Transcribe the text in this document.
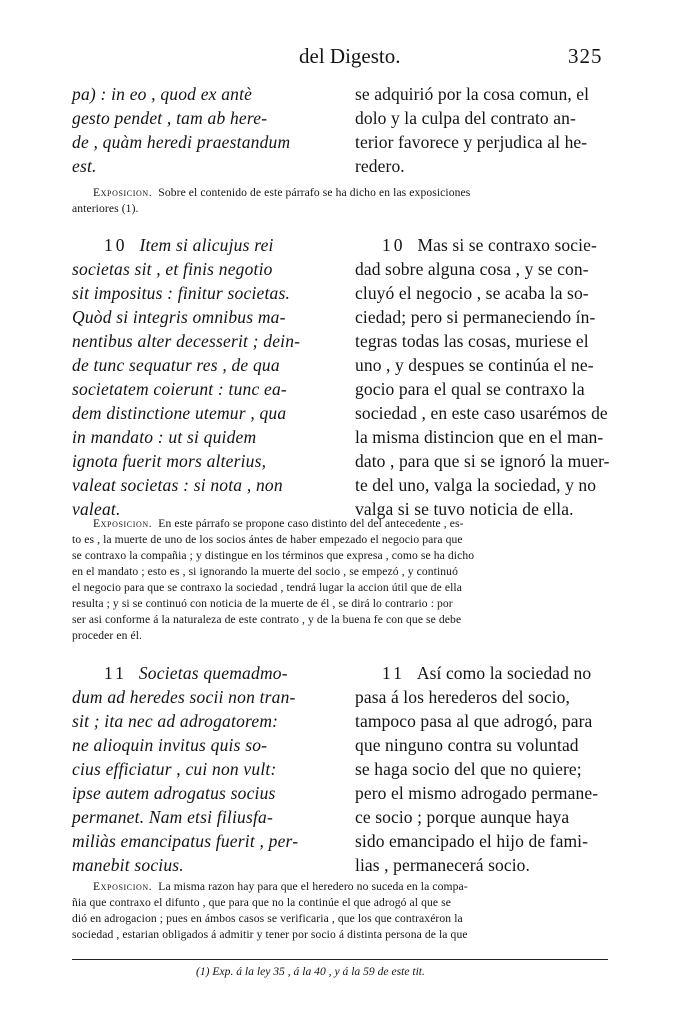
del Digesto.	325
pa) : in eo , quod ex antè
gesto pendet , tam ab here-
de , quàm heredi praestandum
est.
se adquirió por la cosa comun, el
dolo y la culpa del contrato an-
terior favorece y perjudica al he-
redero.
Exposicion. Sobre el contenido de este párrafo se ha dicho en las exposiciones
anteriores (1).
10 Item si alicujus rei
societas sit , et finis negotio
sit impositus : finitur societas.
Quòd si integris omnibus ma-
nentibus alter decesserit ; dein-
de tunc sequatur res , de qua
societatem coierunt : tunc ea-
dem distinctione utemur , qua
in mandato : ut si quidem
ignota fuerit mors alterius,
valeat societas : si nota , non
valeat.
10 Mas si se contraxo socie-
dad sobre alguna cosa , y se con-
cluyó el negocio , se acaba la so-
ciedad; pero si permaneciendo ín-
tegras todas las cosas, muriese el
uno , y despues se continúa el ne-
gocio para el qual se contraxo la
sociedad , en este caso usarémos de
la misma distincion que en el man-
dato , para que si se ignoró la muer-
te del uno, valga la sociedad, y no
valga si se tuvo noticia de ella.
Exposicion. En este párrafo se propone caso distinto del del antecedente , es-
to es , la muerte de uno de los socios ántes de haber empezado el negocio para que
se contraxo la compañia ; y distingue en los términos que expresa , como se ha dicho
en el mandato ; esto es , si ignorando la muerte del socio , se empezó , y continuó
el negocio para que se contraxo la sociedad , tendrá lugar la accion útil que de ella
resulta ; y si se continuó con noticia de la muerte de él , se dirá lo contrario : por
ser asi conforme á la naturaleza de este contrato , y de la buena fe con que se debe
proceder en él.
11 Societas quemadmo-
dum ad heredes socii non tran-
sit ; ita nec ad adrogatorem:
ne alioquin invitus quis so-
cius efficiatur , cui non vult:
ipse autem adrogatus socius
permanet. Nam etsi filiusfa-
miliàs emancipatus fuerit , per-
manebit socius.
11 Así como la sociedad no
pasa á los herederos del socio,
tampoco pasa al que adrogó, para
que ninguno contra su voluntad
se haga socio del que no quiere;
pero el mismo adrogado permane-
ce socio ; porque aunque haya
sido emancipado el hijo de fami-
lias , permanecerá socio.
Exposicion. La misma razon hay para que el heredero no suceda en la compa-
ñia que contraxo el difunto , que para que no la continúe el que adrogó al que se
dió en adrogacion ; pues en ámbos casos se verificaria , que los que contraxéron la
sociedad , estarian obligados á admitir y tener por socio á distinta persona de la que
(1) Exp. á la ley 35 , á la 40 , y á la 59 de este tit.
